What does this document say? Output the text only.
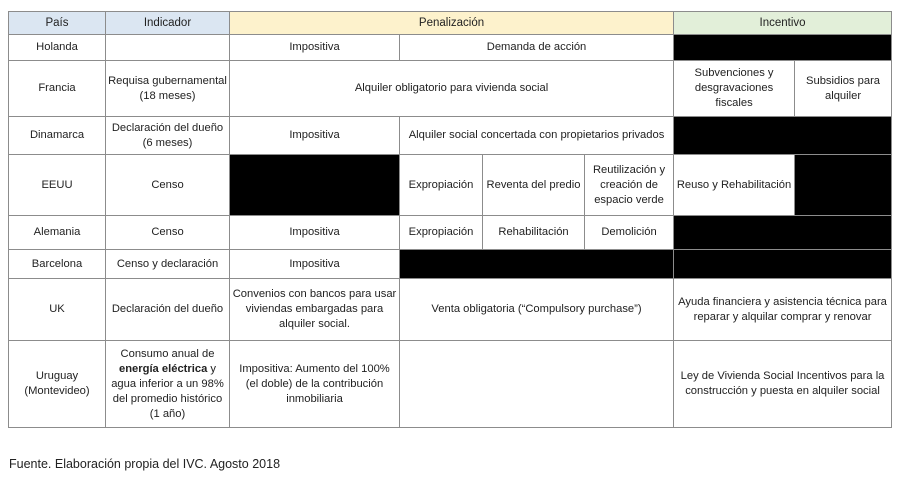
País	Indicador	Penalización				Incentivo	
Holanda		Impositiva	Demanda de acción				
Francia	Requisa gubernamental (18 meses)	Alquiler obligatorio para vivienda social				Subvenciones y desgravaciones fiscales	Subsidios para alquiler
Dinamarca	Declaración del dueño (6 meses)	Impositiva	Alquiler social concertada con propietarios privados				
EEUU	Censo		Expropiación	Reventa del predio	Reutilización y creación de espacio verde	Reuso y Rehabilitación	
Alemania	Censo	Impositiva	Expropiación	Rehabilitación	Demolición		
Barcelona	Censo y declaración	Impositiva					
UK	Declaración del dueño	Convenios con bancos para usar viviendas embargadas para alquiler social.	Venta obligatoria (“Compulsory purchase”)			Ayuda financiera y asistencia técnica para reparar y alquilar comprar y renovar	
Uruguay (Montevideo)	Consumo anual de energía eléctrica y agua inferior a un 98% del promedio histórico (1 año)	Impositiva: Aumento del 100% (el doble) de la contribución inmobiliaria				Ley de Vivienda Social Incentivos para la construcción y puesta en alquiler social	
Fuente. Elaboración propia del IVC. Agosto 2018
